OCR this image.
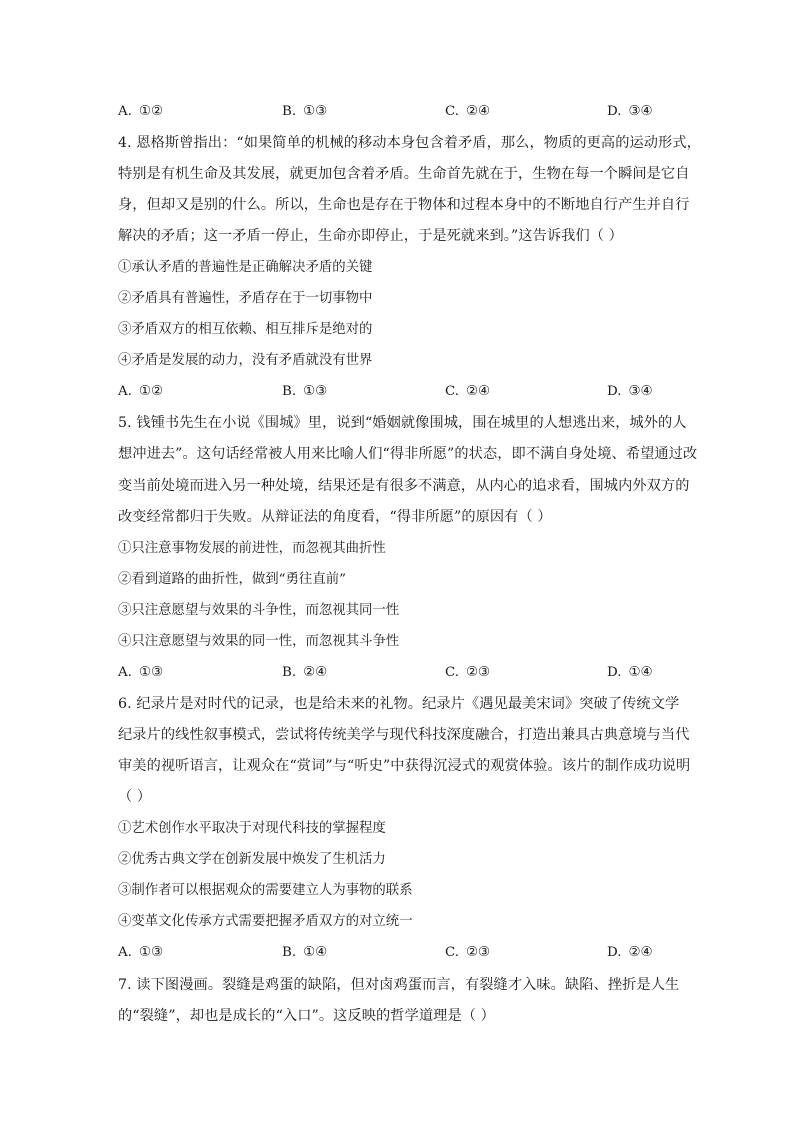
A. ①②	B. ①③	C. ②④	D. ③④
4. 恩格斯曾指出：“如果简单的机械的移动本身包含着矛盾，那么，物质的更高的运动形式，
特别是有机生命及其发展，就更加包含着矛盾。生命首先就在于，生物在每一个瞬间是它自
身，但却又是别的什么。所以，生命也是存在于物体和过程本身中的不断地自行产生并自行
解决的矛盾；这一矛盾一停止，生命亦即停止，于是死就来到。”这告诉我们（ ）
①承认矛盾的普遍性是正确解决矛盾的关键
②矛盾具有普遍性，矛盾存在于一切事物中
③矛盾双方的相互依赖、相互排斥是绝对的
④矛盾是发展的动力，没有矛盾就没有世界
A. ①②	B. ①③	C. ②④	D. ③④
5. 钱锺书先生在小说《围城》里，说到“婚姻就像围城，围在城里的人想逃出来，城外的人
想冲进去”。这句话经常被人用来比喻人们“得非所愿”的状态，即不满自身处境、希望通过改
变当前处境而进入另一种处境，结果还是有很多不满意，从内心的追求看，围城内外双方的
改变经常都归于失败。从辩证法的角度看，“得非所愿”的原因有（ ）
①只注意事物发展的前进性，而忽视其曲折性
②看到道路的曲折性，做到“勇往直前”
③只注意愿望与效果的斗争性，而忽视其同一性
④只注意愿望与效果的同一性，而忽视其斗争性
A. ①③	B. ②④	C. ②③	D. ①④
6. 纪录片是对时代的记录，也是给未来的礼物。纪录片《遇见最美宋词》突破了传统文学
纪录片的线性叙事模式，尝试将传统美学与现代科技深度融合，打造出兼具古典意境与当代
审美的视听语言，让观众在“赏词”与“听史”中获得沉浸式的观赏体验。该片的制作成功说明
（ ）
①艺术创作水平取决于对现代科技的掌握程度
②优秀古典文学在创新发展中焕发了生机活力
③制作者可以根据观众的需要建立人为事物的联系
④变革文化传承方式需要把握矛盾双方的对立统一
A. ①③	B. ①④	C. ②③	D. ②④
7. 读下图漫画。裂缝是鸡蛋的缺陷，但对卤鸡蛋而言，有裂缝才入味。缺陷、挫折是人生
的“裂缝”，却也是成长的“入口”。这反映的哲学道理是（ ）
